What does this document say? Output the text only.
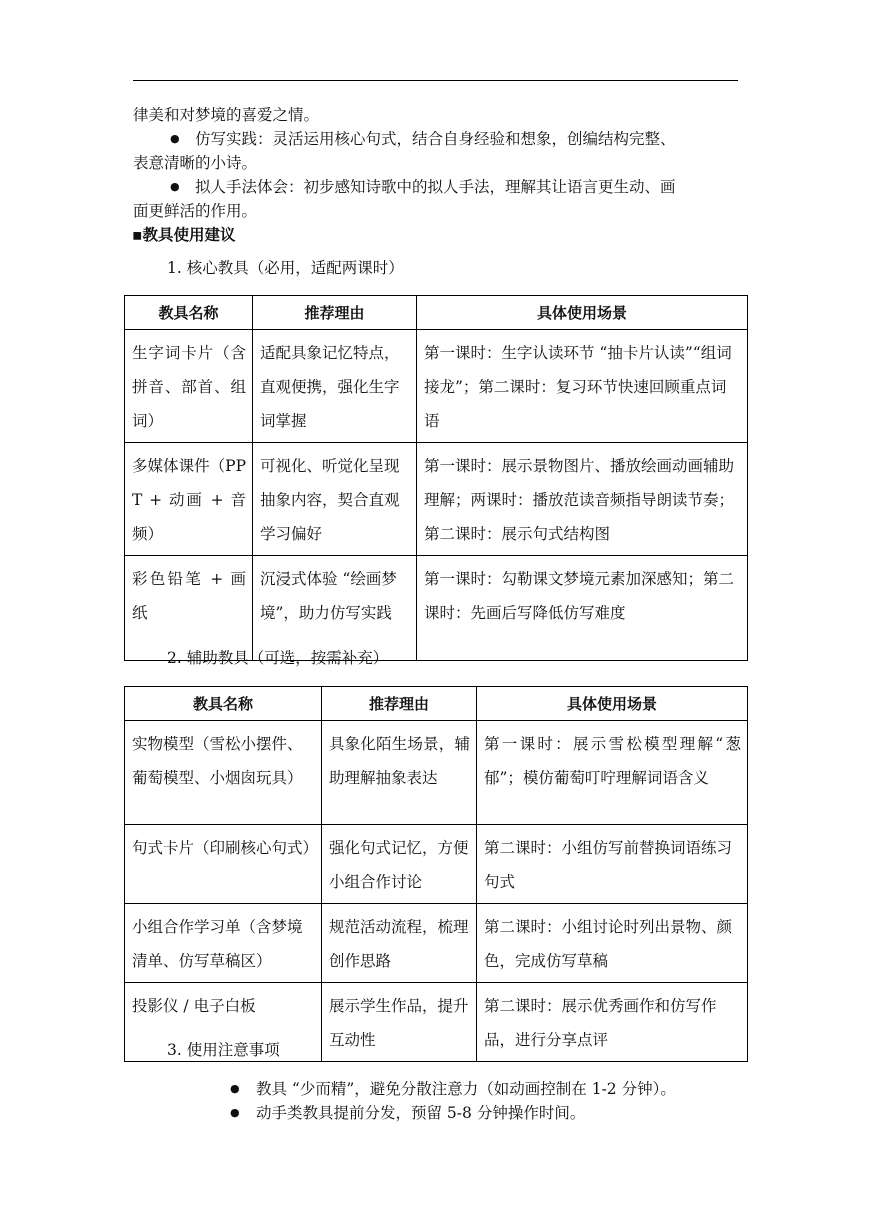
律美和对梦境的喜爱之情。
● 仿写实践：灵活运用核心句式，结合自身经验和想象，创编结构完整、
表意清晰的小诗。
● 拟人手法体会：初步感知诗歌中的拟人手法，理解其让语言更生动、画
面更鲜活的作用。
▪教具使用建议
1. 核心教具（必用，适配两课时）
教具名称	推荐理由	具体使用场景
生字词卡片（含拼音、部首、组词）	适配具象记忆特点，直观便携，强化生字词掌握	第一课时：生字认读环节 “抽卡片认读”“组词接龙”；第二课时：复习环节快速回顾重点词语
多媒体课件（PPT + 动画 + 音频）	可视化、听觉化呈现抽象内容，契合直观学习偏好	第一课时：展示景物图片、播放绘画动画辅助理解；两课时：播放范读音频指导朗读节奏；第二课时：展示句式结构图
彩色铅笔 + 画纸	沉浸式体验 “绘画梦境”，助力仿写实践	第一课时：勾勒课文梦境元素加深感知；第二课时：先画后写降低仿写难度
2. 辅助教具（可选，按需补充）
教具名称	推荐理由	具体使用场景
实物模型（雪松小摆件、葡萄模型、小烟囱玩具）	具象化陌生场景，辅助理解抽象表达	第一课时：展示雪松模型理解“葱郁”；模仿葡萄叮咛理解词语含义
句式卡片（印刷核心句式）	强化句式记忆，方便小组合作讨论	第二课时：小组仿写前替换词语练习句式
小组合作学习单（含梦境清单、仿写草稿区）	规范活动流程，梳理创作思路	第二课时：小组讨论时列出景物、颜色，完成仿写草稿
投影仪 / 电子白板	展示学生作品，提升互动性	第二课时：展示优秀画作和仿写作品，进行分享点评
3. 使用注意事项
● 教具 “少而精”，避免分散注意力（如动画控制在 1-2 分钟）。
● 动手类教具提前分发，预留 5-8 分钟操作时间。
